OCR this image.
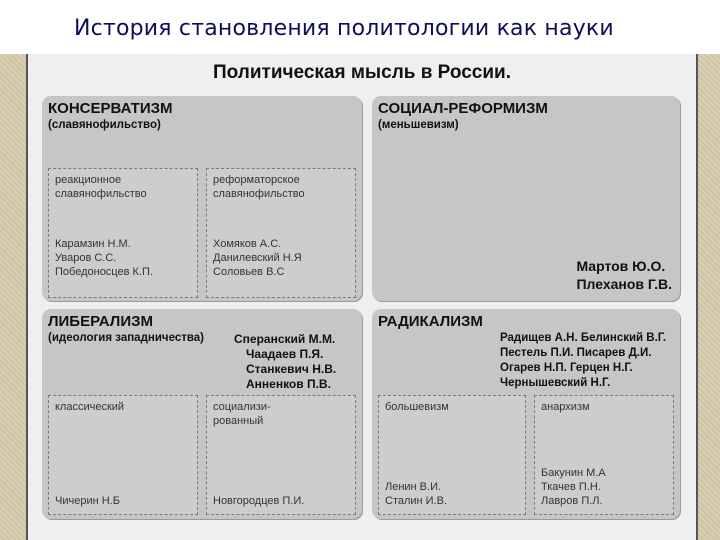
История становления политологии как науки
Политическая мысль в России.
КОНСЕРВАТИЗМ
(славянофильство)
реакционное
славянофильство
Карамзин Н.М.
Уваров С.С.
Победоносцев К.П.
реформаторское
славянофильство
Хомяков А.С.
Данилевский Н.Я
Соловьев В.С
СОЦИАЛ-РЕФОРМИЗМ
(меньшевизм)
Мартов Ю.О.
Плеханов Г.В.
ЛИБЕРАЛИЗМ
(идеология западничества)	Сперанский М.М.
Чаадаев П.Я.
Станкевич Н.В.
Анненков П.В.
классический
Чичерин Н.Б
социализи-
рованный
Новгородцев П.И.
РАДИКАЛИЗМ
Радищев А.Н. Белинский В.Г.
Пестель П.И. Писарев Д.И.
Огарев Н.П. Герцен Н.Г.
Чернышевский Н.Г.
большевизм
Ленин В.И.
Сталин И.В.
анархизм
Бакунин М.А
Ткачев П.Н.
Лавров П.Л.
